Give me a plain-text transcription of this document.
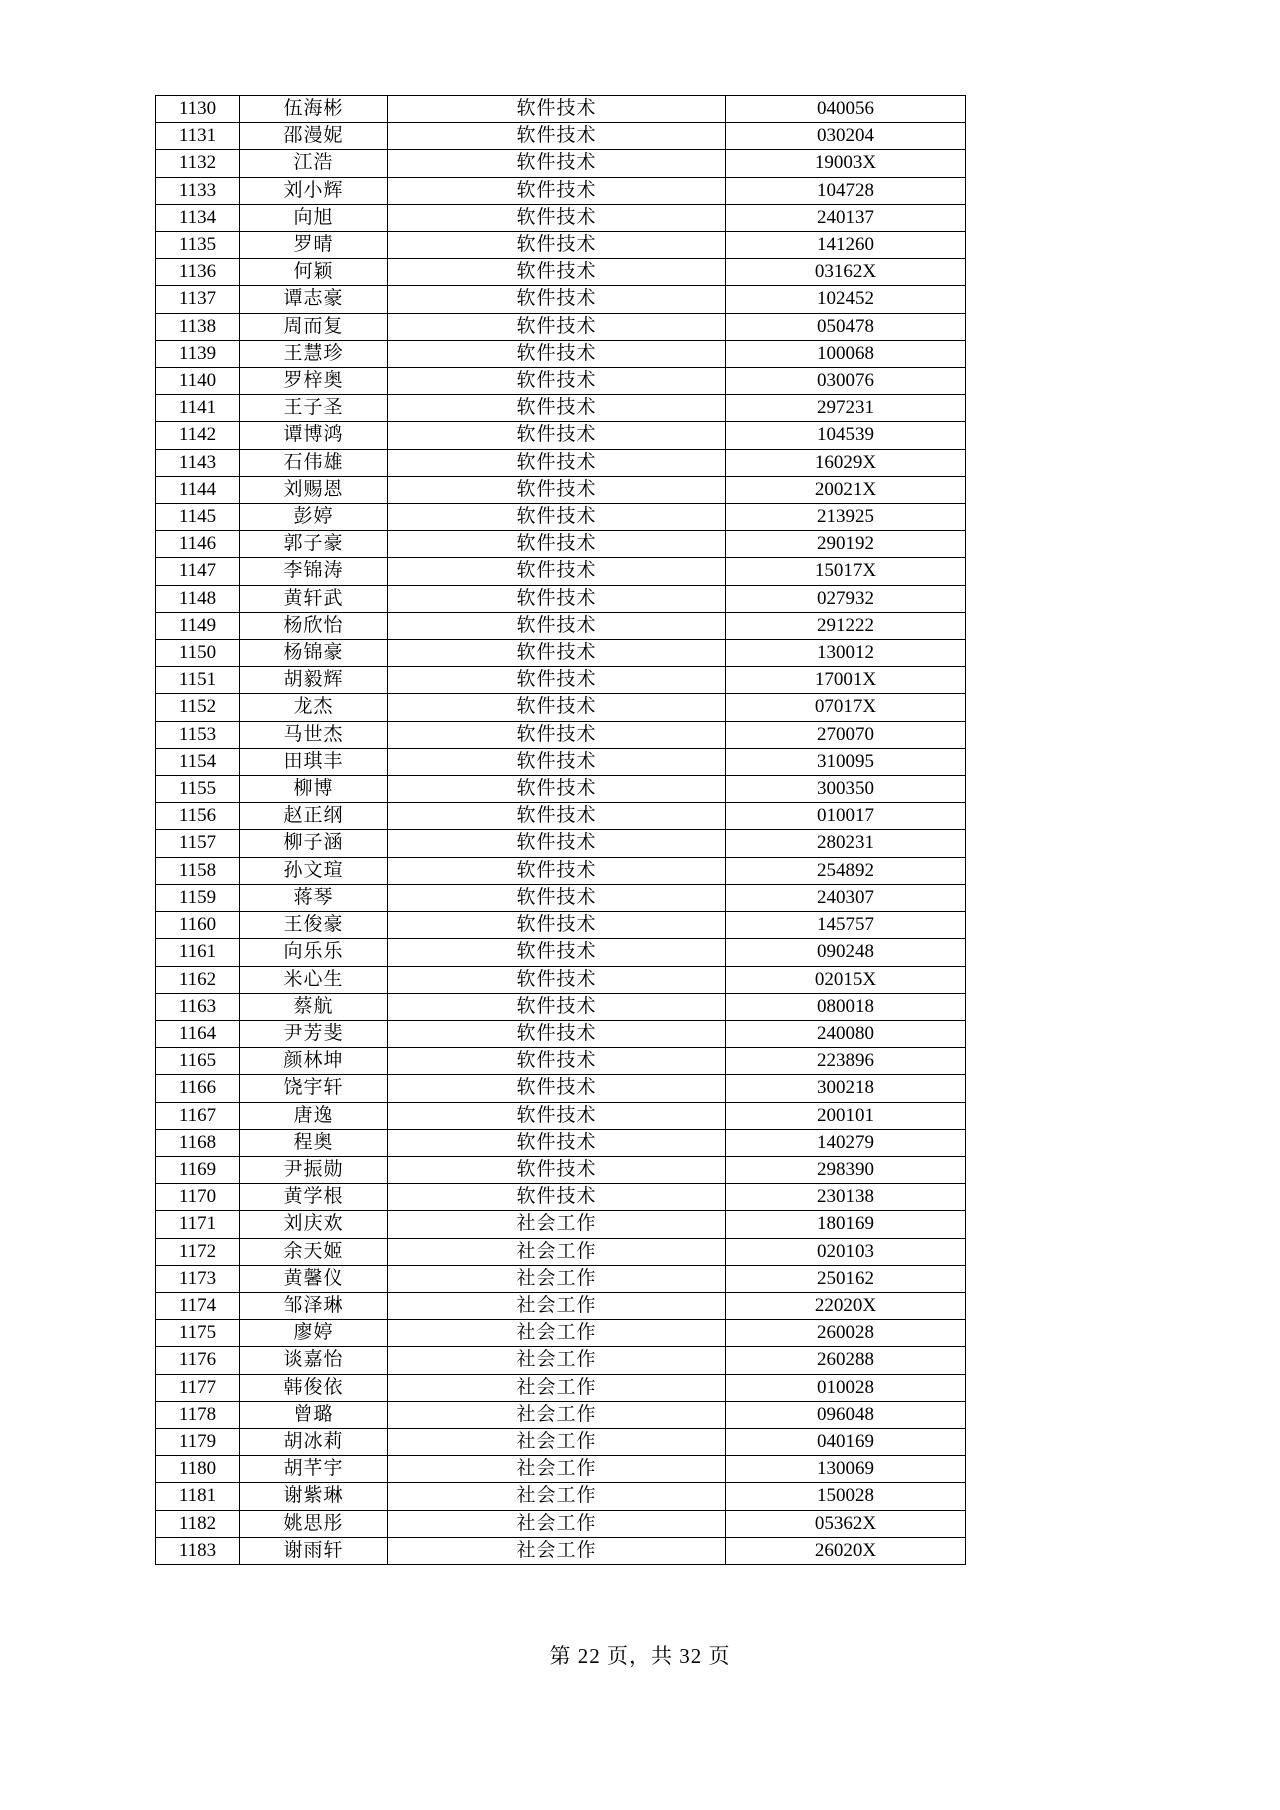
1130	伍海彬	软件技术	040056
1131	邵漫妮	软件技术	030204
1132	江浩	软件技术	19003X
1133	刘小辉	软件技术	104728
1134	向旭	软件技术	240137
1135	罗晴	软件技术	141260
1136	何颖	软件技术	03162X
1137	谭志豪	软件技术	102452
1138	周而复	软件技术	050478
1139	王慧珍	软件技术	100068
1140	罗梓奥	软件技术	030076
1141	王子圣	软件技术	297231
1142	谭博鸿	软件技术	104539
1143	石伟雄	软件技术	16029X
1144	刘赐恩	软件技术	20021X
1145	彭婷	软件技术	213925
1146	郭子豪	软件技术	290192
1147	李锦涛	软件技术	15017X
1148	黄轩武	软件技术	027932
1149	杨欣怡	软件技术	291222
1150	杨锦豪	软件技术	130012
1151	胡毅辉	软件技术	17001X
1152	龙杰	软件技术	07017X
1153	马世杰	软件技术	270070
1154	田琪丰	软件技术	310095
1155	柳博	软件技术	300350
1156	赵正纲	软件技术	010017
1157	柳子涵	软件技术	280231
1158	孙文瑄	软件技术	254892
1159	蒋琴	软件技术	240307
1160	王俊豪	软件技术	145757
1161	向乐乐	软件技术	090248
1162	米心生	软件技术	02015X
1163	蔡航	软件技术	080018
1164	尹芳斐	软件技术	240080
1165	颜林坤	软件技术	223896
1166	饶宇轩	软件技术	300218
1167	唐逸	软件技术	200101
1168	程奥	软件技术	140279
1169	尹振勋	软件技术	298390
1170	黄学根	软件技术	230138
1171	刘庆欢	社会工作	180169
1172	余天姬	社会工作	020103
1173	黄馨仪	社会工作	250162
1174	邹泽琳	社会工作	22020X
1175	廖婷	社会工作	260028
1176	谈嘉怡	社会工作	260288
1177	韩俊依	社会工作	010028
1178	曾璐	社会工作	096048
1179	胡冰莉	社会工作	040169
1180	胡芊宇	社会工作	130069
1181	谢紫琳	社会工作	150028
1182	姚思彤	社会工作	05362X
1183	谢雨轩	社会工作	26020X
第 22 页，共 32 页
